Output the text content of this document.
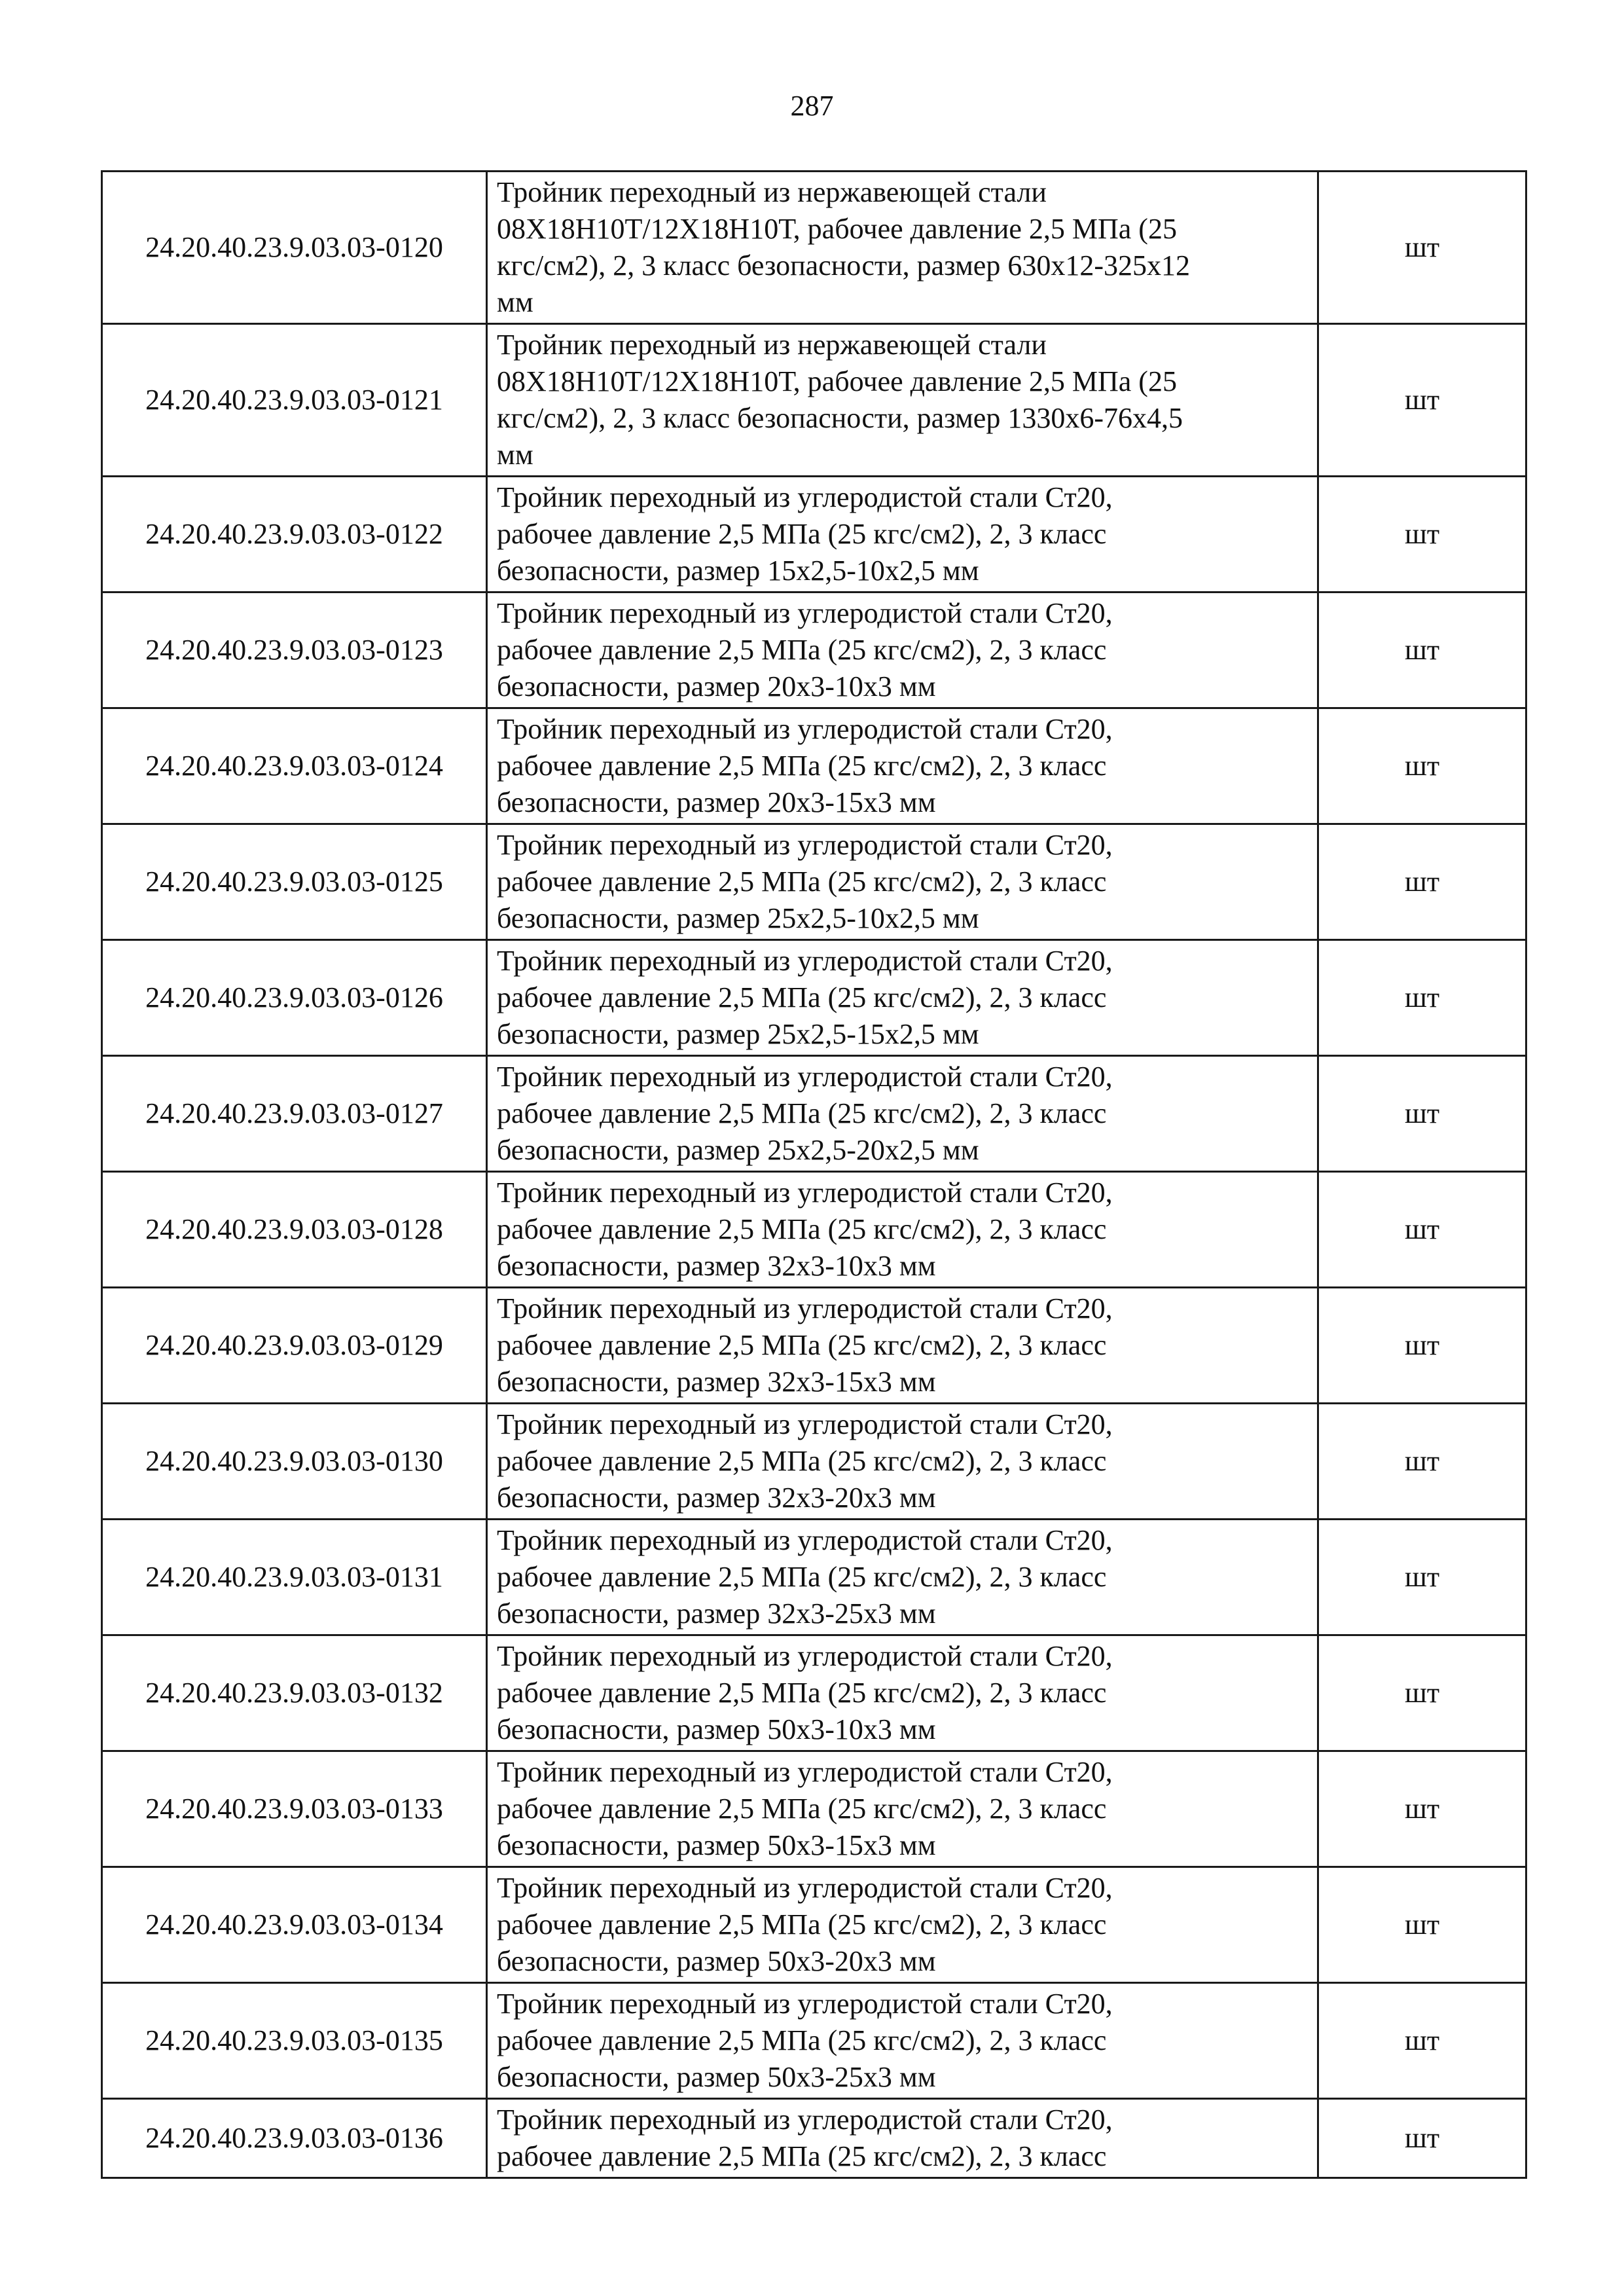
287
24.20.40.23.9.03.03-0120	Тройник переходный из нержавеющей стали
08Х18Н10Т/12Х18Н10Т, рабочее давление 2,5 МПа (25
кгс/см2), 2, 3 класс безопасности, размер 630х12-325х12
мм	шт
24.20.40.23.9.03.03-0121	Тройник переходный из нержавеющей стали
08Х18Н10Т/12Х18Н10Т, рабочее давление 2,5 МПа (25
кгс/см2), 2, 3 класс безопасности, размер 1330х6-76х4,5
мм	шт
24.20.40.23.9.03.03-0122	Тройник переходный из углеродистой стали Ст20,
рабочее давление 2,5 МПа (25 кгс/см2), 2, 3 класс
безопасности, размер 15х2,5-10х2,5 мм	шт
24.20.40.23.9.03.03-0123	Тройник переходный из углеродистой стали Ст20,
рабочее давление 2,5 МПа (25 кгс/см2), 2, 3 класс
безопасности, размер 20х3-10х3 мм	шт
24.20.40.23.9.03.03-0124	Тройник переходный из углеродистой стали Ст20,
рабочее давление 2,5 МПа (25 кгс/см2), 2, 3 класс
безопасности, размер 20х3-15х3 мм	шт
24.20.40.23.9.03.03-0125	Тройник переходный из углеродистой стали Ст20,
рабочее давление 2,5 МПа (25 кгс/см2), 2, 3 класс
безопасности, размер 25х2,5-10х2,5 мм	шт
24.20.40.23.9.03.03-0126	Тройник переходный из углеродистой стали Ст20,
рабочее давление 2,5 МПа (25 кгс/см2), 2, 3 класс
безопасности, размер 25х2,5-15х2,5 мм	шт
24.20.40.23.9.03.03-0127	Тройник переходный из углеродистой стали Ст20,
рабочее давление 2,5 МПа (25 кгс/см2), 2, 3 класс
безопасности, размер 25х2,5-20х2,5 мм	шт
24.20.40.23.9.03.03-0128	Тройник переходный из углеродистой стали Ст20,
рабочее давление 2,5 МПа (25 кгс/см2), 2, 3 класс
безопасности, размер 32х3-10х3 мм	шт
24.20.40.23.9.03.03-0129	Тройник переходный из углеродистой стали Ст20,
рабочее давление 2,5 МПа (25 кгс/см2), 2, 3 класс
безопасности, размер 32х3-15х3 мм	шт
24.20.40.23.9.03.03-0130	Тройник переходный из углеродистой стали Ст20,
рабочее давление 2,5 МПа (25 кгс/см2), 2, 3 класс
безопасности, размер 32х3-20х3 мм	шт
24.20.40.23.9.03.03-0131	Тройник переходный из углеродистой стали Ст20,
рабочее давление 2,5 МПа (25 кгс/см2), 2, 3 класс
безопасности, размер 32х3-25х3 мм	шт
24.20.40.23.9.03.03-0132	Тройник переходный из углеродистой стали Ст20,
рабочее давление 2,5 МПа (25 кгс/см2), 2, 3 класс
безопасности, размер 50х3-10х3 мм	шт
24.20.40.23.9.03.03-0133	Тройник переходный из углеродистой стали Ст20,
рабочее давление 2,5 МПа (25 кгс/см2), 2, 3 класс
безопасности, размер 50х3-15х3 мм	шт
24.20.40.23.9.03.03-0134	Тройник переходный из углеродистой стали Ст20,
рабочее давление 2,5 МПа (25 кгс/см2), 2, 3 класс
безопасности, размер 50х3-20х3 мм	шт
24.20.40.23.9.03.03-0135	Тройник переходный из углеродистой стали Ст20,
рабочее давление 2,5 МПа (25 кгс/см2), 2, 3 класс
безопасности, размер 50х3-25х3 мм	шт
24.20.40.23.9.03.03-0136	Тройник переходный из углеродистой стали Ст20,
рабочее давление 2,5 МПа (25 кгс/см2), 2, 3 класс	шт
